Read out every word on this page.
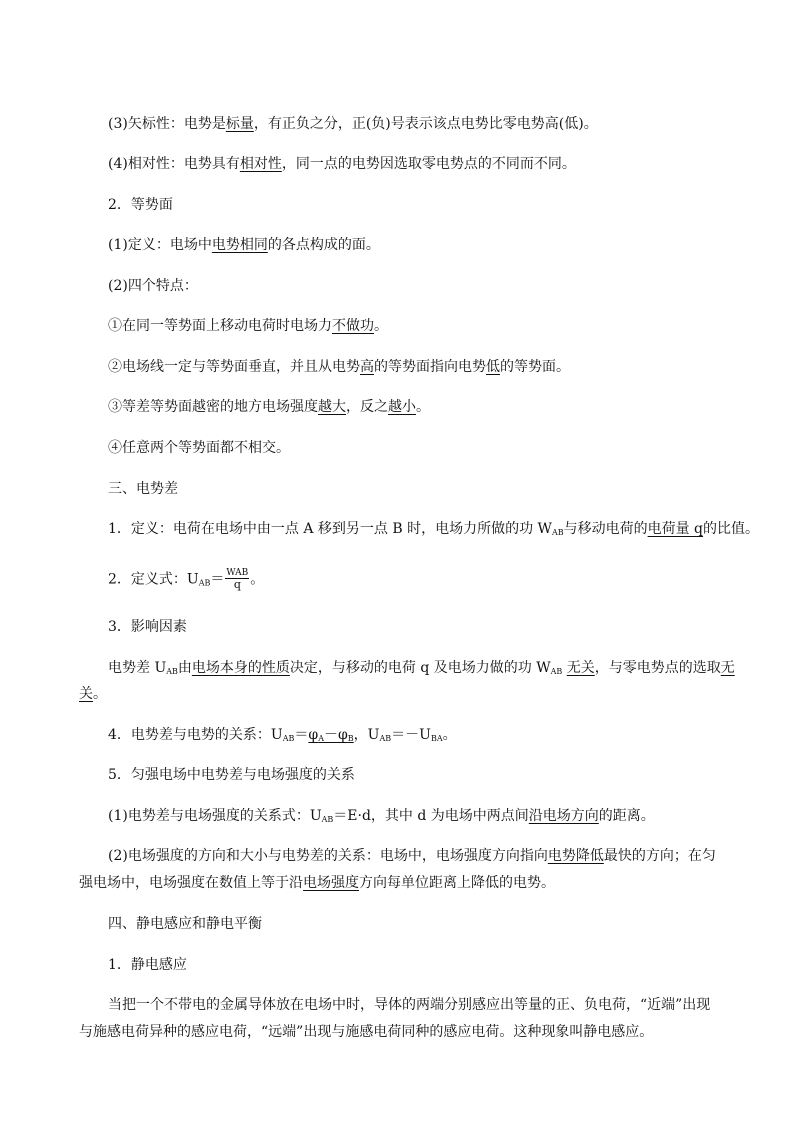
(3)矢标性：电势是标量，有正负之分，正(负)号表示该点电势比零电势高(低)。
(4)相对性：电势具有相对性，同一点的电势因选取零电势点的不同而不同。
2．等势面
(1)定义：电场中电势相同的各点构成的面。
(2)四个特点：
①在同一等势面上移动电荷时电场力不做功。
②电场线一定与等势面垂直，并且从电势高的等势面指向电势低的等势面。
③等差等势面越密的地方电场强度越大，反之越小。
④任意两个等势面都不相交。
三、电势差
1．定义：电荷在电场中由一点 A 移到另一点 B 时，电场力所做的功 $W_{AB}$与移动电荷的电荷量 q的比值。
2．定义式：$U_{AB}= \frac{\text{WAB}}{q}$ 。
3．影响因素
电势差 $U_{AB}$由电场本身的性质决定，与移动的电荷 q 及电场力做的功 $W_{AB}$ 无关，与零电势点的选取无
关。
4．电势差与电势的关系：$U_{AB}=\varphi_A-\varphi_B$，$U_{AB}=-U_{BA}$。
5．匀强电场中电势差与电场强度的关系
(1)电势差与电场强度的关系式：$U_{AB}=E\cdot d$，其中 d 为电场中两点间沿电场方向的距离。
(2)电场强度的方向和大小与电势差的关系：电场中，电场强度方向指向电势降低最快的方向；在匀
强电场中，电场强度在数值上等于沿电场强度方向每单位距离上降低的电势。
四、静电感应和静电平衡
1．静电感应
当把一个不带电的金属导体放在电场中时，导体的两端分别感应出等量的正、负电荷，“近端”出现
与施感电荷异种的感应电荷，“远端”出现与施感电荷同种的感应电荷。这种现象叫静电感应。
